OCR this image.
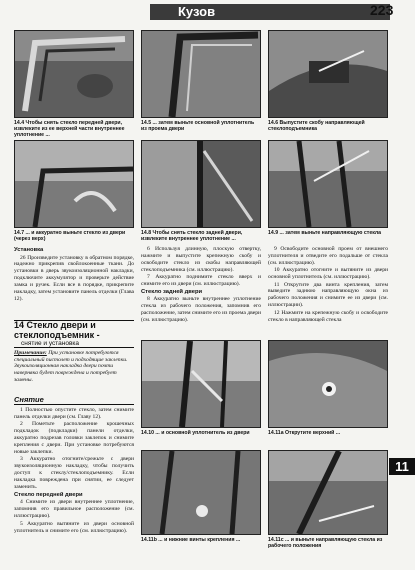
Кузов	223
14.4 Чтобы снять стекло передней двери, извлеките из ее верхней части внутреннее уплотнение ...
14.5 ... затем выньте основной уплотнитель из проема двери
14.6 Выпустите скобу направляющей стеклоподъемника
14.7 ... и аккуратно выньте стекло из двери (через верх)
14.8 Чтобы снять стекло задней двери, извлеките внутреннее уплотнение ...
14.9 ... затем выньте направляющую стекла
Установка

26 Произведите установку в обратном порядке, надежно прикрепив свойлокоенные ткани. До установки в дверь звукоизоляционной накладки, подключите аккумулятор и проверьте действие замка и ручек. Если все в порядке, прикрепите накладку, затем установите панель отделки (Глава 12).

14 Стекло двери и стеклоподъемник -
снятие и установка
Примечание: При установке потребуются специальный пистолет и подходящие заклепки. Звукоизоляционная накладка двери почти наверняка будет повреждена и потребует замены.
Снятие

1 Полностью опустите стекло, затем снимите панель отделки двери (см. Главу 12).

2 Пометьте расположение крошечных подкладок (подкладки) панели отделки, аккуратно подрезав головки заклепок и снимите крепления с двери. При установке потребуются новые заклепки.

3 Аккуратно отогните/срежьте с двери звукоизоляционную накладку, чтобы получить доступ к стеклу/стеклоподъемнику. Если накладка повреждена при снятии, ее следует заменить.

Стекло передней двери

4 Снимите из двери внутреннее уплотнение, запомнив его правильное расположение (см. иллюстрацию).

5 Аккуратно вытяните из двери основной уплотнитель и снимите его (см. иллюстрацию).

6 Используя длинную, плоскую отвертку, нажмите и выпустите крепежную скобу и освободите стекло из скобы направляющей стеклоподъемника (см. иллюстрацию).

7 Аккуратно поднимите стекло вверх и снимите его из двери (см. иллюстрацию).

Стекло задней двери

8 Аккуратно выньте внутреннее уплотнение стекла из рабочего положения, запомнив его расположение, затем снимите его из проема двери (см. иллюстрацию).

9 Освободите основной проем от внешнего уплотнителя и отведите его подальше от стекла (см. иллюстрацию).

10 Аккуратно отогните и вытяните из двери основной уплотнитель (см. иллюстрацию).

11 Открутите два винта крепления, затем выведите заднюю направляющую окна из рабочего положения и снимите ее из двери (см. иллюстрации).

12 Нажмите на крепежную скобу и освободите стекло в направляющей стекла

14.10 ... и основной уплотнитель из двери	14.11a Открутите верхний ...
14.11b ... и нижние винты крепления ...	14.11c ... и выньте направляющую стекла из рабочего положения
11
